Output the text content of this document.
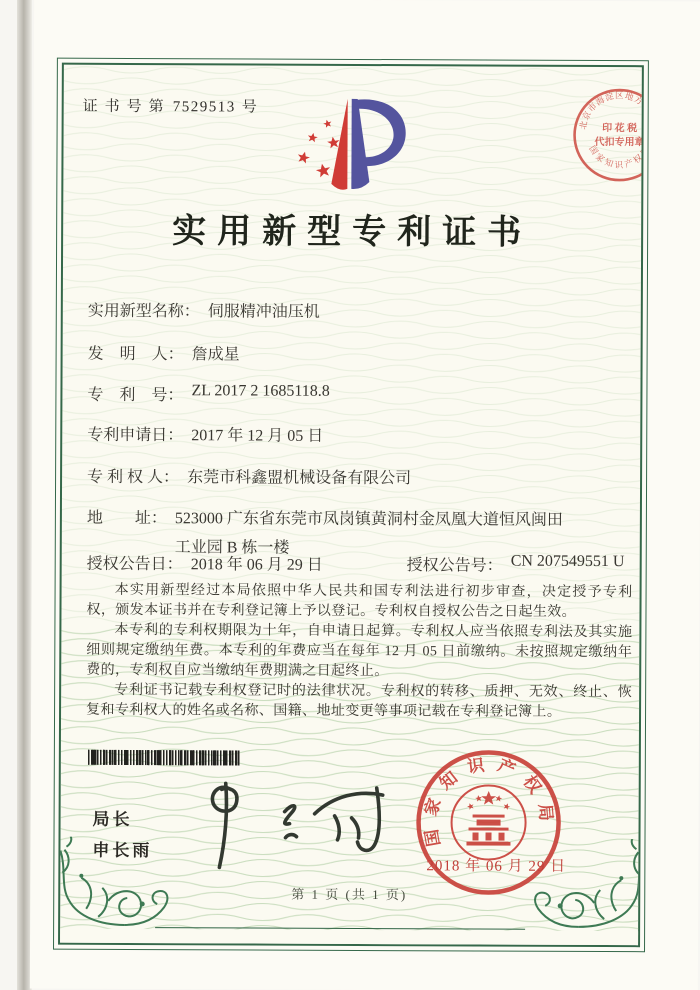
证书号第 7529513 号
实用新型专利证书
实用新型名称： 伺服精冲油压机
发　明　人： 詹成星
专　利　号： ZL 2017 2 1685118.8
专利申请日： 2017 年 12 月 05 日
专 利 权 人： 东莞市科鑫盟机械设备有限公司
地　　址： 523000 广东省东莞市凤岗镇黄洞村金凤凰大道恒风闽田
工业园 B 栋一楼
授权公告日： 2018 年 06 月 29 日	授权公告号： CN 207549551 U

本实用新型经过本局依照中华人民共和国专利法进行初步审查，决定授予专利权，颁发本证书并在专利登记簿上予以登记。专利权自授权公告之日起生效。

本专利的专利权期限为十年，自申请日起算。专利权人应当依照专利法及其实施细则规定缴纳年费。本专利的年费应当在每年 12 月 05 日前缴纳。未按照规定缴纳年费的，专利权自应当缴纳年费期满之日起终止。

专利证书记载专利权登记时的法律状况。专利权的转移、质押、无效、终止、恢复和专利权人的姓名或名称、国籍、地址变更等事项记载在专利登记簿上。

局长
申长雨
第 1 页 (共 1 页)
国家知识产权局
2018 年 06 月 29 日
北京市海淀区地方税务局
国家知识产权局
印 花 税
代扣专用章
